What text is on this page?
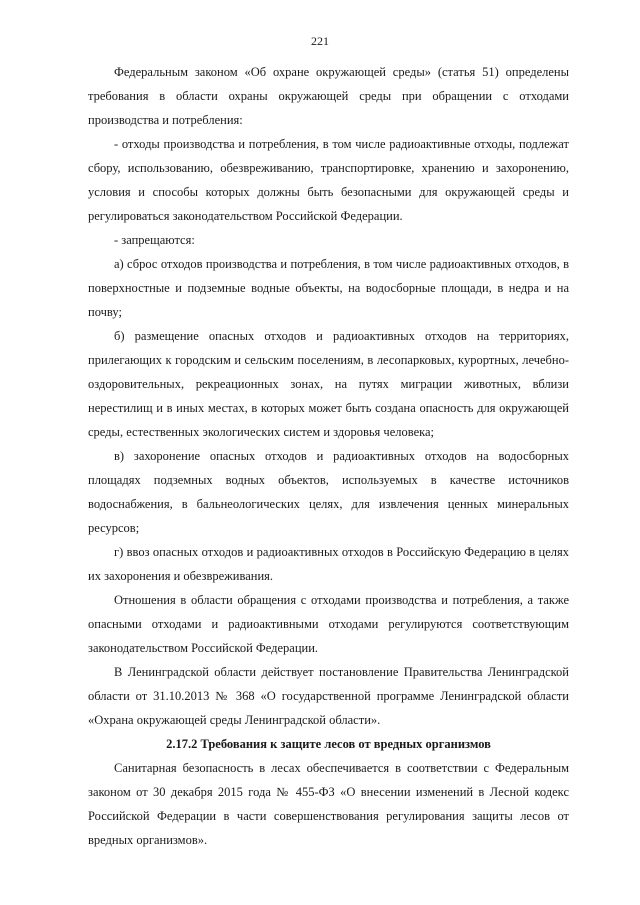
221

Федеральным законом «Об охране окружающей среды» (статья 51) определены требования в области охраны окружающей среды при обращении с отходами производства и потребления:

- отходы производства и потребления, в том числе радиоактивные отходы, подлежат сбору, использованию, обезвреживанию, транспортировке, хранению и захоронению, условия и способы которых должны быть безопасными для окружающей среды и регулироваться законодательством Российской Федерации.

- запрещаются:

а) сброс отходов производства и потребления, в том числе радиоактивных отходов, в поверхностные и подземные водные объекты, на водосборные площади, в недра и на почву;

б) размещение опасных отходов и радиоактивных отходов на территориях, прилегающих к городским и сельским поселениям, в лесопарковых, курортных, лечебно-оздоровительных, рекреационных зонах, на путях миграции животных, вблизи нерестилищ и в иных местах, в которых может быть создана опасность для окружающей среды, естественных экологических систем и здоровья человека;

в) захоронение опасных отходов и радиоактивных отходов на водосборных площадях подземных водных объектов, используемых в качестве источников водоснабжения, в бальнеологических целях, для извлечения ценных минеральных ресурсов;

г) ввоз опасных отходов и радиоактивных отходов в Российскую Федерацию в целях их захоронения и обезвреживания.

Отношения в области обращения с отходами производства и потребления, а также опасными отходами и радиоактивными отходами регулируются соответствующим законодательством Российской Федерации.

В Ленинградской области действует постановление Правительства Ленинградской области от 31.10.2013 № 368 «О государственной программе Ленинградской области «Охрана окружающей среды Ленинградской области».

2.17.2 Требования к защите лесов от вредных организмов

Санитарная безопасность в лесах обеспечивается в соответствии с Федеральным законом от 30 декабря 2015 года № 455-ФЗ «О внесении изменений в Лесной кодекс Российской Федерации в части совершенствования регулирования защиты лесов от вредных организмов».
